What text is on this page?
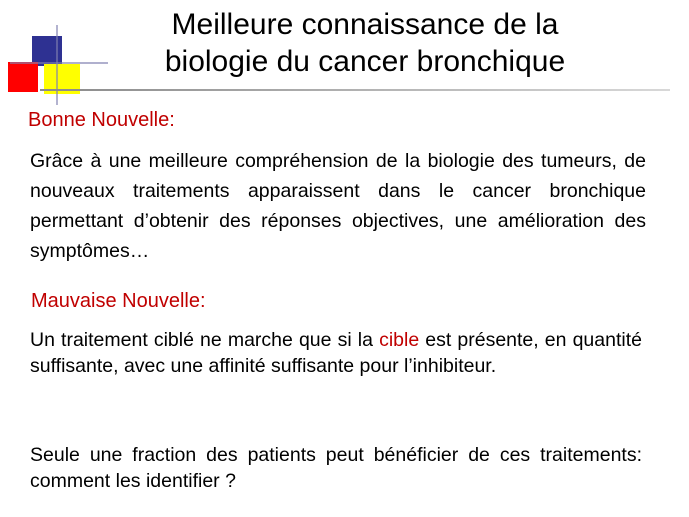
Meilleure connaissance de la
biologie du cancer bronchique
Bonne Nouvelle:

Grâce à une meilleure compréhension de la biologie des tumeurs, de nouveaux traitements apparaissent dans le cancer bronchique permettant d’obtenir des réponses objectives, une amélioration des symptômes…

Mauvaise Nouvelle:

Un traitement ciblé ne marche que si la cible est présente, en quantité suffisante, avec une affinité suffisante pour l’inhibiteur.

Seule une fraction des patients peut bénéficier de ces traitements: comment les identifier ?
